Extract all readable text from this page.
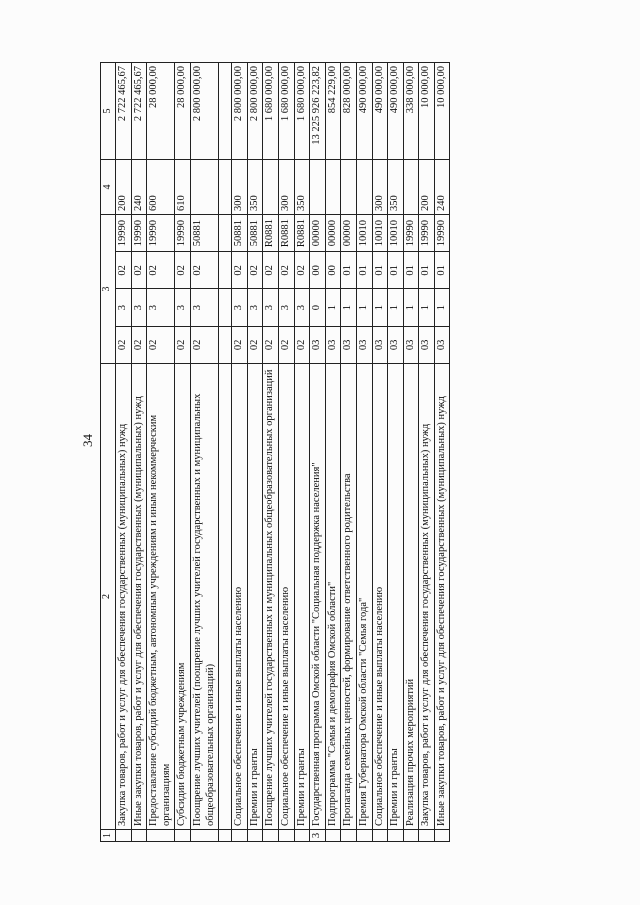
34
1	2	3				4	5
	Закупка товаров, работ и услуг для обеспечения государственных (муниципальных) нужд	02	3	02	19990	200	2 722 465,67
	Иные закупки товаров, работ и услуг для обеспечения государственных (муниципальных) нужд	02	3	02	19990	240	2 722 465,67
	Предоставление субсидий бюджетным, автономным учреждениям и иным некоммерческим организациям	02	3	02	19990	600	28 000,00
	Субсидии бюджетным учреждениям	02	3	02	19990	610	28 000,00
	Поощрение лучших учителей (поощрение лучших учителей государственных и муниципальных общеобразовательных организаций)	02	3	02	50881		2 800 000,00

	Социальное обеспечение и иные выплаты населению	02	3	02	50881	300	2 800 000,00
	Премии и гранты	02	3	02	50881	350	2 800 000,00
	Поощрение лучших учителей государственных и муниципальных общеобразовательных организаций	02	3	02	R0881		1 680 000,00
	Социальное обеспечение и иные выплаты населению	02	3	02	R0881	300	1 680 000,00
	Премии и гранты	02	3	02	R0881	350	1 680 000,00
3	Государственная программа Омской области "Социальная поддержка населения"	03	0	00	00000		13 225 926 223,82
	Подпрограмма "Семья и демография Омской области"	03	1	00	00000		854 229,00
	Пропаганда семейных ценностей, формирование ответственного родительства	03	1	01	00000		828 000,00
	Премия Губернатора Омской области "Семья года"	03	1	01	10010		490 000,00
	Социальное обеспечение и иные выплаты населению	03	1	01	10010	300	490 000,00
	Премии и гранты	03	1	01	10010	350	490 000,00
	Реализация прочих мероприятий	03	1	01	19990		338 000,00
	Закупка товаров, работ и услуг для обеспечения государственных (муниципальных) нужд	03	1	01	19990	200	10 000,00
	Иные закупки товаров, работ и услуг для обеспечения государственных (муниципальных) нужд	03	1	01	19990	240	10 000,00
